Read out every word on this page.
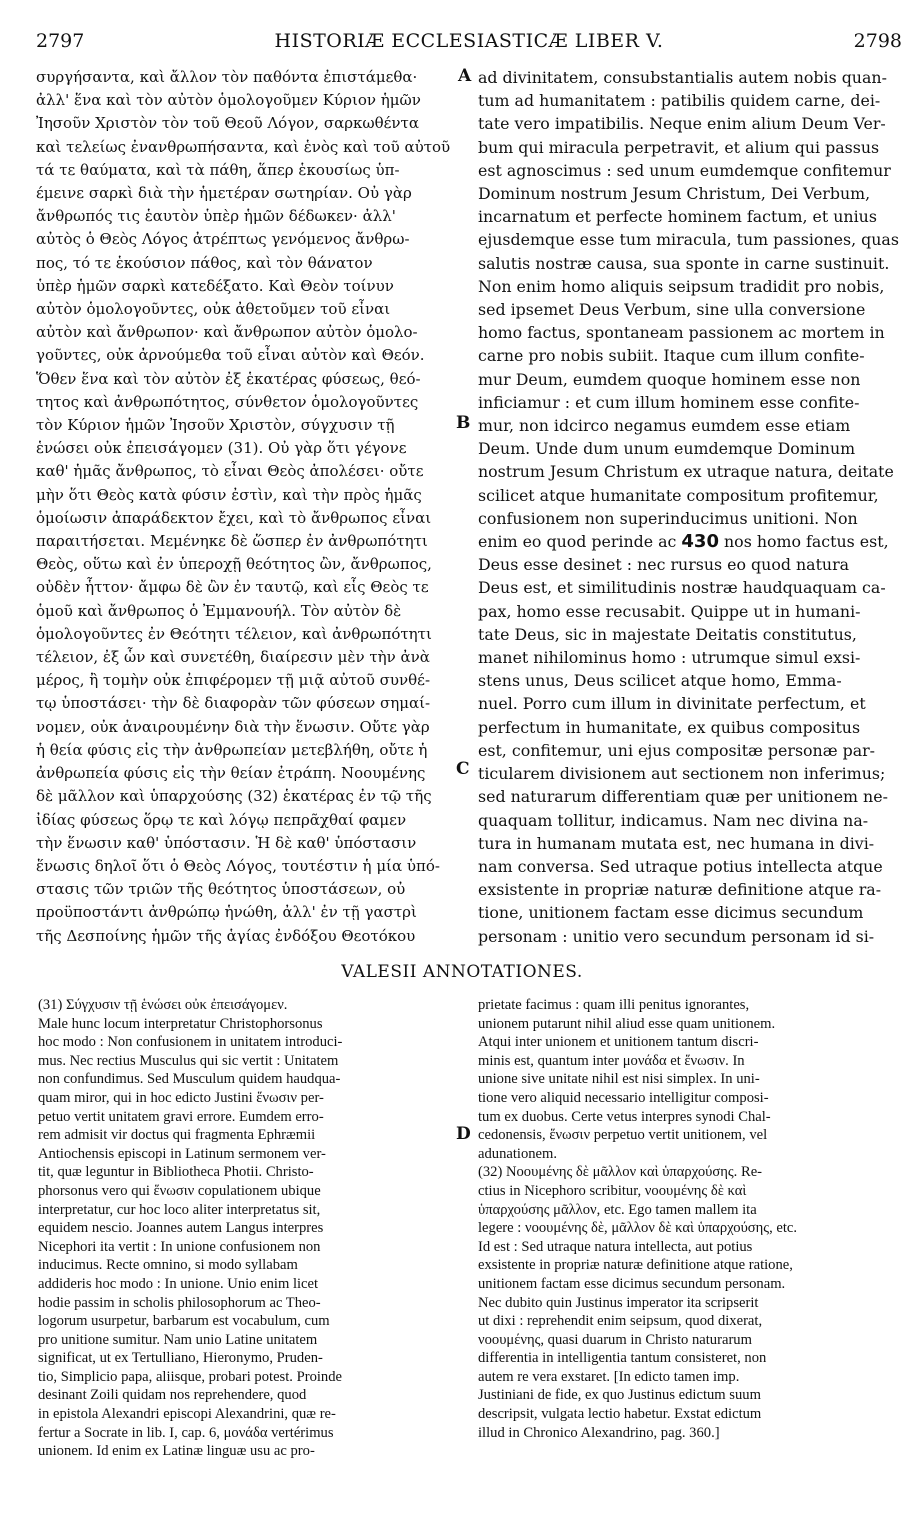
2797	HISTORIÆ ECCLESIASTICÆ LIBER V.	2798
συργήσαντα, καὶ ἄλλον τὸν παθόντα ἐπιστάμεθα·
ἀλλ' ἕνα καὶ τὸν αὐτὸν ὁμολογοῦμεν Κύριον ἡμῶν
Ἰησοῦν Χριστὸν τὸν τοῦ Θεοῦ Λόγον, σαρκωθέντα
καὶ τελείως ἐνανθρωπήσαντα, καὶ ἑνὸς καὶ τοῦ αὐτοῦ
τά τε θαύματα, καὶ τὰ πάθη, ἅπερ ἑκουσίως ὑπ-
έμεινε σαρκὶ διὰ τὴν ἡμετέραν σωτηρίαν. Οὐ γὰρ
ἄνθρωπός τις ἑαυτὸν ὑπὲρ ἡμῶν δέδωκεν· ἀλλ'
αὐτὸς ὁ Θεὸς Λόγος ἀτρέπτως γενόμενος ἄνθρω-
πος, τό τε ἑκούσιον πάθος, καὶ τὸν θάνατον
ὑπὲρ ἡμῶν σαρκὶ κατεδέξατο. Καὶ Θεὸν τοίνυν
αὐτὸν ὁμολογοῦντες, οὐκ ἀθετοῦμεν τοῦ εἶναι
αὐτὸν καὶ ἄνθρωπον· καὶ ἄνθρωπον αὐτὸν ὁμολο-
γοῦντες, οὐκ ἀρνούμεθα τοῦ εἶναι αὐτὸν καὶ Θεόν.
Ὅθεν ἕνα καὶ τὸν αὐτὸν ἐξ ἑκατέρας φύσεως, θεό-
τητος καὶ ἀνθρωπότητος, σύνθετον ὁμολογοῦντες
τὸν Κύριον ἡμῶν Ἰησοῦν Χριστὸν, σύγχυσιν τῇ
ἑνώσει οὐκ ἐπεισάγομεν (31). Οὐ γὰρ ὅτι γέγονε
καθ' ἡμᾶς ἄνθρωπος, τὸ εἶναι Θεὸς ἀπολέσει· οὔτε
μὴν ὅτι Θεὸς κατὰ φύσιν ἐστὶν, καὶ τὴν πρὸς ἡμᾶς
ὁμοίωσιν ἀπαράδεκτον ἔχει, καὶ τὸ ἄνθρωπος εἶναι
παραιτήσεται. Μεμένηκε δὲ ὥσπερ ἐν ἀνθρωπότητι
Θεὸς, οὕτω καὶ ἐν ὑπεροχῇ θεότητος ὢν, ἄνθρωπος,
οὐδὲν ἧττον· ἄμφω δὲ ὢν ἐν ταυτῷ, καὶ εἷς Θεὸς τε
ὁμοῦ καὶ ἄνθρωπος ὁ Ἐμμανουήλ. Τὸν αὐτὸν δὲ
ὁμολογοῦντες ἐν Θεότητι τέλειον, καὶ ἀνθρωπότητι
τέλειον, ἐξ ὧν καὶ συνετέθη, διαίρεσιν μὲν τὴν ἀνὰ
μέρος, ἢ τομὴν οὐκ ἐπιφέρομεν τῇ μιᾷ αὐτοῦ συνθέ-
τῳ ὑποστάσει· τὴν δὲ διαφορὰν τῶν φύσεων σημαί-
νομεν, οὐκ ἀναιρουμένην διὰ τὴν ἕνωσιν. Οὔτε γὰρ
ἡ θεία φύσις εἰς τὴν ἀνθρωπείαν μετεβλήθη, οὔτε ἡ
ἀνθρωπεία φύσις εἰς τὴν θείαν ἐτράπη. Νοουμένης
δὲ μᾶλλον καὶ ὑπαρχούσης (32) ἑκατέρας ἐν τῷ τῆς
ἰδίας φύσεως ὅρῳ τε καὶ λόγῳ πεπρᾶχθαί φαμεν
τὴν ἕνωσιν καθ' ὑπόστασιν. Ἡ δὲ καθ' ὑπόστασιν
ἕνωσις δηλοῖ ὅτι ὁ Θεὸς Λόγος, τουτέστιν ἡ μία ὑπό-
στασις τῶν τριῶν τῆς θεότητος ὑποστάσεων, οὐ
προϋποστάντι ἀνθρώπῳ ἡνώθη, ἀλλ' ἐν τῇ γαστρὶ
τῆς Δεσποίνης ἡμῶν τῆς ἁγίας ἐνδόξου Θεοτόκου
ad divinitatem, consubstantialis autem nobis quan-
tum ad humanitatem : patibilis quidem carne, dei-
tate vero impatibilis. Neque enim alium Deum Ver-
bum qui miracula perpetravit, et alium qui passus
est agnoscimus : sed unum eumdemque confitemur
Dominum nostrum Jesum Christum, Dei Verbum,
incarnatum et perfecte hominem factum, et unius
ejusdemque esse tum miracula, tum passiones, quas
salutis nostræ causa, sua sponte in carne sustinuit.
Non enim homo aliquis seipsum tradidit pro nobis,
sed ipsemet Deus Verbum, sine ulla conversione
homo factus, spontaneam passionem ac mortem in
carne pro nobis subiit. Itaque cum illum confite-
mur Deum, eumdem quoque hominem esse non
inficiamur : et cum illum hominem esse confite-
mur, non idcirco negamus eumdem esse etiam
Deum. Unde dum unum eumdemque Dominum
nostrum Jesum Christum ex utraque natura, deitate
scilicet atque humanitate compositum profitemur,
confusionem non superinducimus unitioni. Non
enim eo quod perinde ac 430 nos homo factus est,
Deus esse desinet : nec rursus eo quod natura
Deus est, et similitudinis nostræ haudquaquam ca-
pax, homo esse recusabit. Quippe ut in humani-
tate Deus, sic in majestate Deitatis constitutus,
manet nihilominus homo : utrumque simul exsi-
stens unus, Deus scilicet atque homo, Emma-
nuel. Porro cum illum in divinitate perfectum, et
perfectum in humanitate, ex quibus compositus
est, confitemur, uni ejus compositæ personæ par-
ticularem divisionem aut sectionem non inferimus;
sed naturarum differentiam quæ per unitionem ne-
quaquam tollitur, indicamus. Nam nec divina na-
tura in humanam mutata est, nec humana in divi-
nam conversa. Sed utraque potius intellecta atque
exsistente in propriæ naturæ definitione atque ra-
tione, unitionem factam esse dicimus secundum
personam : unitio vero secundum personam id si-
A
B
C
D
VALESII ANNOTATIONES.
(31) Σύγχυσιν τῇ ἑνώσει οὐκ ἐπεισάγομεν.
Male hunc locum interpretatur Christophorsonus
hoc modo : Non confusionem in unitatem introduci-
mus. Nec rectius Musculus qui sic vertit : Unitatem
non confundimus. Sed Musculum quidem haudqua-
quam miror, qui in hoc edicto Justini ἕνωσιν per-
petuo vertit unitatem gravi errore. Eumdem erro-
rem admisit vir doctus qui fragmenta Ephræmii
Antiochensis episcopi in Latinum sermonem ver-
tit, quæ leguntur in Bibliotheca Photii. Christo-
phorsonus vero qui ἕνωσιν copulationem ubique
interpretatur, cur hoc loco aliter interpretatus sit,
equidem nescio. Joannes autem Langus interpres
Nicephori ita vertit : In unione confusionem non
inducimus. Recte omnino, si modo syllabam
addideris hoc modo : In unione. Unio enim licet
hodie passim in scholis philosophorum ac Theo-
logorum usurpetur, barbarum est vocabulum, cum
pro unitione sumitur. Nam unio Latine unitatem
significat, ut ex Tertulliano, Hieronymo, Pruden-
tio, Simplicio papa, aliisque, probari potest. Proinde
desinant Zoili quidam nos reprehendere, quod
in epistola Alexandri episcopi Alexandrini, quæ re-
fertur a Socrate in lib. I, cap. 6, μονάδα vertérimus
unionem. Id enim ex Latinæ linguæ usu ac pro-
prietate facimus : quam illi penitus ignorantes,
unionem putarunt nihil aliud esse quam unitionem.
Atqui inter unionem et unitionem tantum discri-
minis est, quantum inter μονάδα et ἕνωσιν. In
unione sive unitate nihil est nisi simplex. In uni-
tione vero aliquid necessario intelligitur composi-
tum ex duobus. Certe vetus interpres synodi Chal-
cedonensis, ἕνωσιν perpetuo vertit unitionem, vel
adunationem.
(32) Νοουμένης δὲ μᾶλλον καὶ ὑπαρχούσης. Re-
ctius in Nicephoro scribitur, νοουμένης δὲ καὶ
ὑπαρχούσης μᾶλλον, etc. Ego tamen mallem ita
legere : νοουμένης δὲ, μᾶλλον δὲ καὶ ὑπαρχούσης, etc.
Id est : Sed utraque natura intellecta, aut potius
exsistente in propriæ naturæ definitione atque ratione,
unitionem factam esse dicimus secundum personam.
Nec dubito quin Justinus imperator ita scripserit
ut dixi : reprehendit enim seipsum, quod dixerat,
νοουμένης, quasi duarum in Christo naturarum
differentia in intelligentia tantum consisteret, non
autem re vera exstaret. [In edicto tamen imp.
Justiniani de fide, ex quo Justinus edictum suum
descripsit, vulgata lectio habetur. Exstat edictum
illud in Chronico Alexandrino, pag. 360.]
